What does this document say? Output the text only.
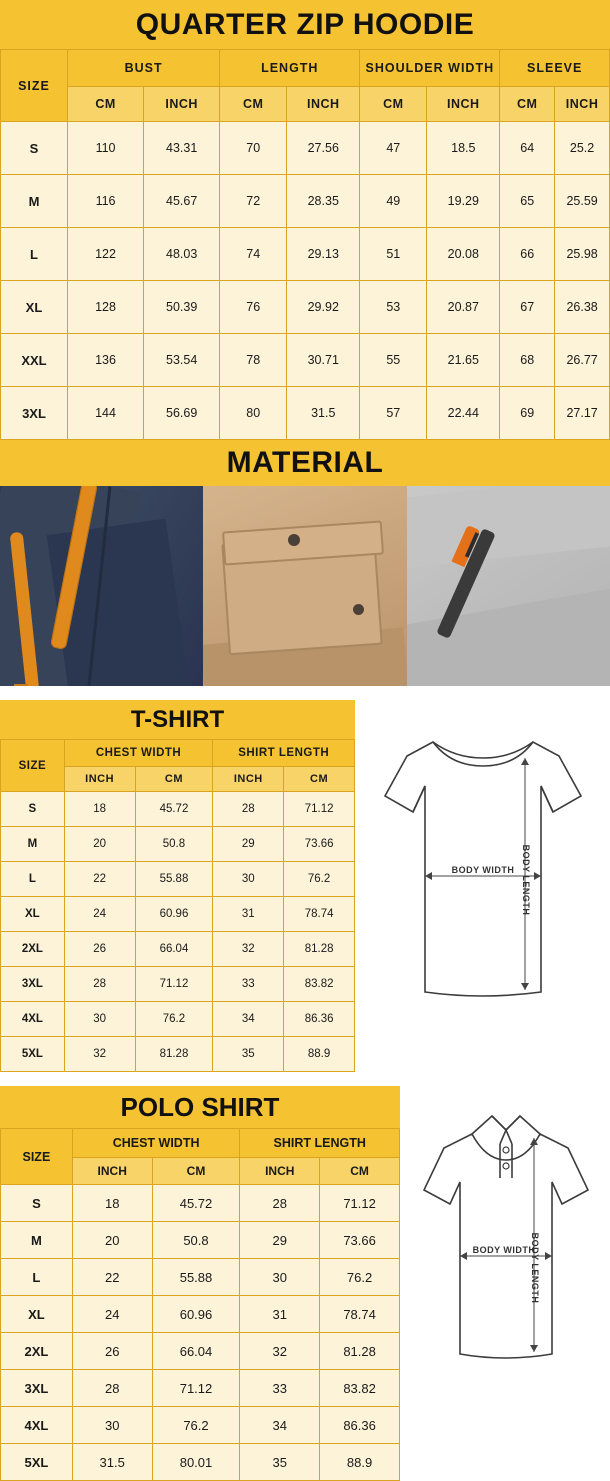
QUARTER ZIP HOODIE
SIZE	BUST		LENGTH		SHOULDER WIDTH		SLEEVE	
	CM	INCH	CM	INCH	CM	INCH	CM	INCH
S	110	43.31	70	27.56	47	18.5	64	25.2
M	116	45.67	72	28.35	49	19.29	65	25.59
L	122	48.03	74	29.13	51	20.08	66	25.98
XL	128	50.39	76	29.92	53	20.87	67	26.38
XXL	136	53.54	78	30.71	55	21.65	68	26.77
3XL	144	56.69	80	31.5	57	22.44	69	27.17
MATERIAL
T-SHIRT
SIZE	CHEST WIDTH		SHIRT LENGTH	
	INCH	CM	INCH	CM
S	18	45.72	28	71.12
M	20	50.8	29	73.66
L	22	55.88	30	76.2
XL	24	60.96	31	78.74
2XL	26	66.04	32	81.28
3XL	28	71.12	33	83.82
4XL	30	76.2	34	86.36
5XL	32	81.28	35	88.9
BODY WIDTH BODY LENGTH
POLO SHIRT
SIZE	CHEST WIDTH		SHIRT LENGTH	
	INCH	CM	INCH	CM
S	18	45.72	28	71.12
M	20	50.8	29	73.66
L	22	55.88	30	76.2
XL	24	60.96	31	78.74
2XL	26	66.04	32	81.28
3XL	28	71.12	33	83.82
4XL	30	76.2	34	86.36
5XL	31.5	80.01	35	88.9
BODY WIDTH
BODY LENGTH
